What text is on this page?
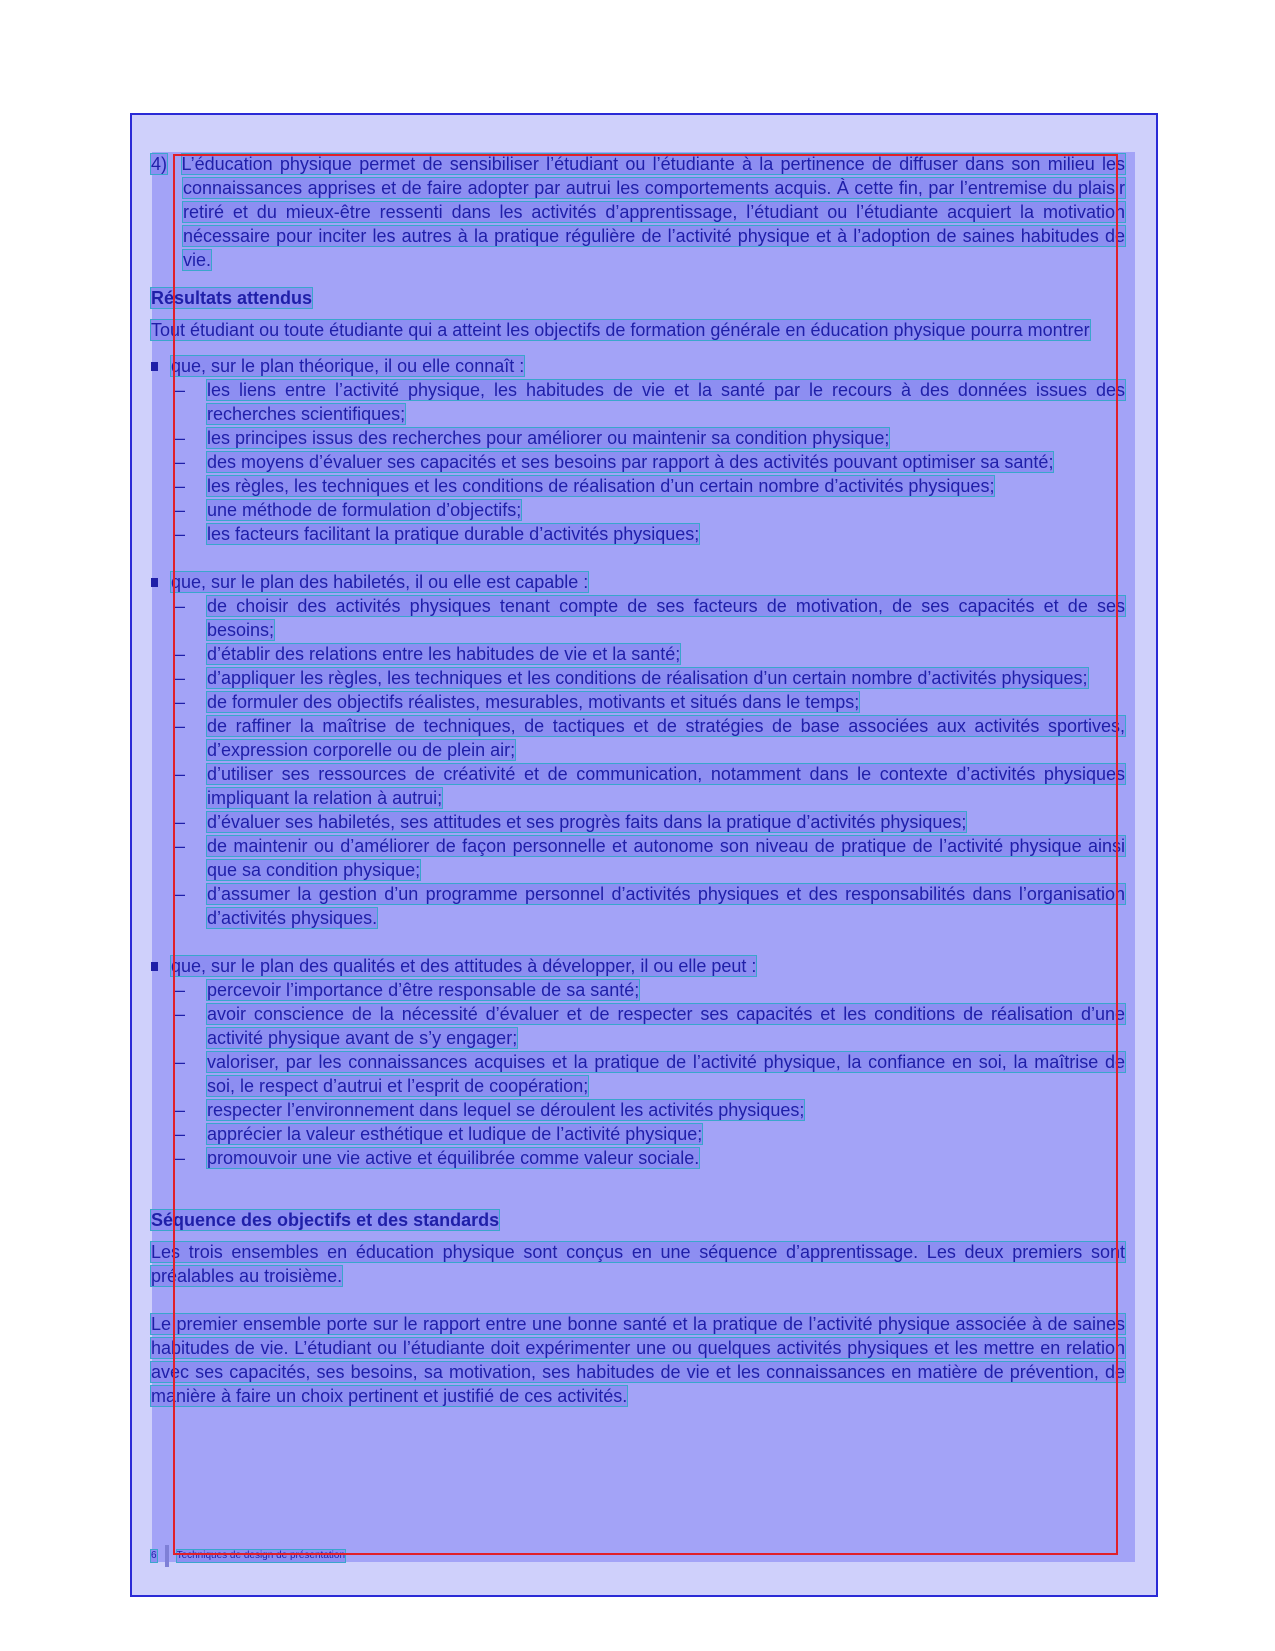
4) L’éducation physique permet de sensibiliser l’étudiant ou l’étudiante à la pertinence de diffuser dans son milieu les connaissances apprises et de faire adopter par autrui les comportements acquis. À cette fin, par l’entremise du plaisir retiré et du mieux-être ressenti dans les activités d’apprentissage, l’étudiant ou l’étudiante acquiert la motivation nécessaire pour inciter les autres à la pratique régulière de l’activité physique et à l’adoption de saines habitudes de vie.

Résultats attendus

Tout étudiant ou toute étudiante qui a atteint les objectifs de formation générale en éducation physique pourra montrer

que, sur le plan théorique, il ou elle connaît :

– les liens entre l’activité physique, les habitudes de vie et la santé par le recours à des données issues des recherches scientifiques;
– les principes issus des recherches pour améliorer ou maintenir sa condition physique;
– des moyens d’évaluer ses capacités et ses besoins par rapport à des activités pouvant optimiser sa santé;
– les règles, les techniques et les conditions de réalisation d’un certain nombre d’activités physiques;
– une méthode de formulation d’objectifs;
– les facteurs facilitant la pratique durable d’activités physiques;

que, sur le plan des habiletés, il ou elle est capable :

– de choisir des activités physiques tenant compte de ses facteurs de motivation, de ses capacités et de ses besoins;
– d’établir des relations entre les habitudes de vie et la santé;
– d’appliquer les règles, les techniques et les conditions de réalisation d’un certain nombre d’activités physiques;
– de formuler des objectifs réalistes, mesurables, motivants et situés dans le temps;
– de raffiner la maîtrise de techniques, de tactiques et de stratégies de base associées aux activités sportives, d’expression corporelle ou de plein air;
– d’utiliser ses ressources de créativité et de communication, notamment dans le contexte d’activités physiques impliquant la relation à autrui;
– d’évaluer ses habiletés, ses attitudes et ses progrès faits dans la pratique d’activités physiques;
– de maintenir ou d’améliorer de façon personnelle et autonome son niveau de pratique de l’activité physique ainsi que sa condition physique;
– d’assumer la gestion d’un programme personnel d’activités physiques et des responsabilités dans l’organisation d’activités physiques.

que, sur le plan des qualités et des attitudes à développer, il ou elle peut :

– percevoir l’importance d’être responsable de sa santé;
– avoir conscience de la nécessité d’évaluer et de respecter ses capacités et les conditions de réalisation d’une activité physique avant de s’y engager;
– valoriser, par les connaissances acquises et la pratique de l’activité physique, la confiance en soi, la maîtrise de soi, le respect d’autrui et l’esprit de coopération;
– respecter l’environnement dans lequel se déroulent les activités physiques;
– apprécier la valeur esthétique et ludique de l’activité physique;
– promouvoir une vie active et équilibrée comme valeur sociale.

Séquence des objectifs et des standards

Les trois ensembles en éducation physique sont conçus en une séquence d’apprentissage. Les deux premiers sont préalables au troisième.

Le premier ensemble porte sur le rapport entre une bonne santé et la pratique de l’activité physique associée à de saines habitudes de vie. L’étudiant ou l’étudiante doit expérimenter une ou quelques activités physiques et les mettre en relation avec ses capacités, ses besoins, sa motivation, ses habitudes de vie et les connaissances en matière de prévention, de manière à faire un choix pertinent et justifié de ces activités.

6 Techniques de design de présentation
